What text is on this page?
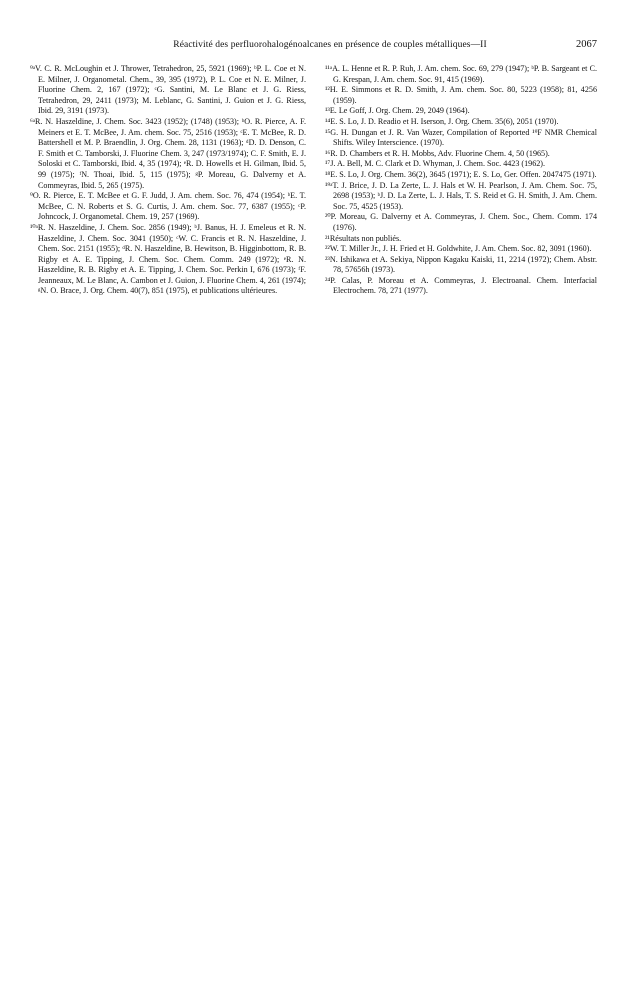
Réactivité des perfluorohalogénoalcanes en présence de couples métalliques—II	2067

⁹ᵃV. C. R. McLoughin et J. Thrower, Tetrahedron, 25, 5921 (1969); ᵇP. L. Coe et N. E. Milner, J. Organometal. Chem., 39, 395 (1972), P. L. Coe et N. E. Milner, J. Fluorine Chem. 2, 167 (1972); ᶜG. Santini, M. Le Blanc et J. G. Riess, Tetrahedron, 29, 2411 (1973); M. Leblanc, G. Santini, J. Guion et J. G. Riess, Ibid. 29, 3191 (1973).

⁶ᵃR. N. Haszeldine, J. Chem. Soc. 3423 (1952); (1748) (1953); ᵇO. R. Pierce, A. F. Meiners et E. T. McBee, J. Am. chem. Soc. 75, 2516 (1953); ᶜE. T. McBee, R. D. Battershell et M. P. Braendlin, J. Org. Chem. 28, 1131 (1963); ᵈD. D. Denson, C. F. Smith et C. Tamborski, J. Fluorine Chem. 3, 247 (1973/1974); C. F. Smith, E. J. Soloski et C. Tamborski, Ibid. 4, 35 (1974); ᵉR. D. Howells et H. Gilman, Ibid. 5, 99 (1975); ᶠN. Thoai, Ibid. 5, 115 (1975); ᵍP. Moreau, G. Dalverny et A. Commeyras, Ibid. 5, 265 (1975).

⁹O. R. Pierce, E. T. McBee et G. F. Judd, J. Am. chem. Soc. 76, 474 (1954); ᵇE. T. McBee, C. N. Roberts et S. G. Curtis, J. Am. chem. Soc. 77, 6387 (1955); ᶜP. Johncock, J. Organometal. Chem. 19, 257 (1969).

¹⁰ᵃR. N. Haszeldine, J. Chem. Soc. 2856 (1949); ᵇJ. Banus, H. J. Emeleus et R. N. Haszeldine, J. Chem. Soc. 3041 (1950); ᶜW. C. Francis et R. N. Haszeldine, J. Chem. Soc. 2151 (1955); ᵈR. N. Haszeldine, B. Hewitson, B. Higginbottom, R. B. Rigby et A. E. Tipping, J. Chem. Soc. Chem. Comm. 249 (1972); ᵉR. N. Haszeldine, R. B. Rigby et A. E. Tipping, J. Chem. Soc. Perkin I, 676 (1973); ᶠF. Jeanneaux, M. Le Blanc, A. Cambon et J. Guion, J. Fluorine Chem. 4, 261 (1974); ᵍN. O. Brace, J. Org. Chem. 40(7), 851 (1975), et publications ultérieures.

¹¹ᵃA. L. Henne et R. P. Ruh, J. Am. chem. Soc. 69, 279 (1947); ᵇP. B. Sargeant et C. G. Krespan, J. Am. chem. Soc. 91, 415 (1969).

¹²H. E. Simmons et R. D. Smith, J. Am. chem. Soc. 80, 5223 (1958); 81, 4256 (1959).

¹³E. Le Goff, J. Org. Chem. 29, 2049 (1964).

¹⁴E. S. Lo, J. D. Readio et H. Iserson, J. Org. Chem. 35(6), 2051 (1970).

¹⁵G. H. Dungan et J. R. Van Wazer, Compilation of Reported ¹⁹F NMR Chemical Shifts. Wiley Interscience. (1970).

¹⁶R. D. Chambers et R. H. Mobbs, Adv. Fluorine Chem. 4, 50 (1965).

¹⁷J. A. Bell, M. C. Clark et D. Whyman, J. Chem. Soc. 4423 (1962).

¹⁸E. S. Lo, J. Org. Chem. 36(2), 3645 (1971); E. S. Lo, Ger. Offen. 2047475 (1971).

¹⁹ᵃT. J. Brice, J. D. La Zerte, L. J. Hals et W. H. Pearlson, J. Am. Chem. Soc. 75, 2698 (1953); ᵇJ. D. La Zerte, L. J. Hals, T. S. Reid et G. H. Smith, J. Am. Chem. Soc. 75, 4525 (1953).

²⁰P. Moreau, G. Dalverny et A. Commeyras, J. Chem. Soc., Chem. Comm. 174 (1976).

²¹Résultats non publiés.

²²W. T. Miller Jr., J. H. Fried et H. Goldwhite, J. Am. Chem. Soc. 82, 3091 (1960).

²³N. Ishikawa et A. Sekiya, Nippon Kagaku Kaiski, 11, 2214 (1972); Chem. Abstr. 78, 57656h (1973).

²⁴P. Calas, P. Moreau et A. Commeyras, J. Electroanal. Chem. Interfacial Electrochem. 78, 271 (1977).
